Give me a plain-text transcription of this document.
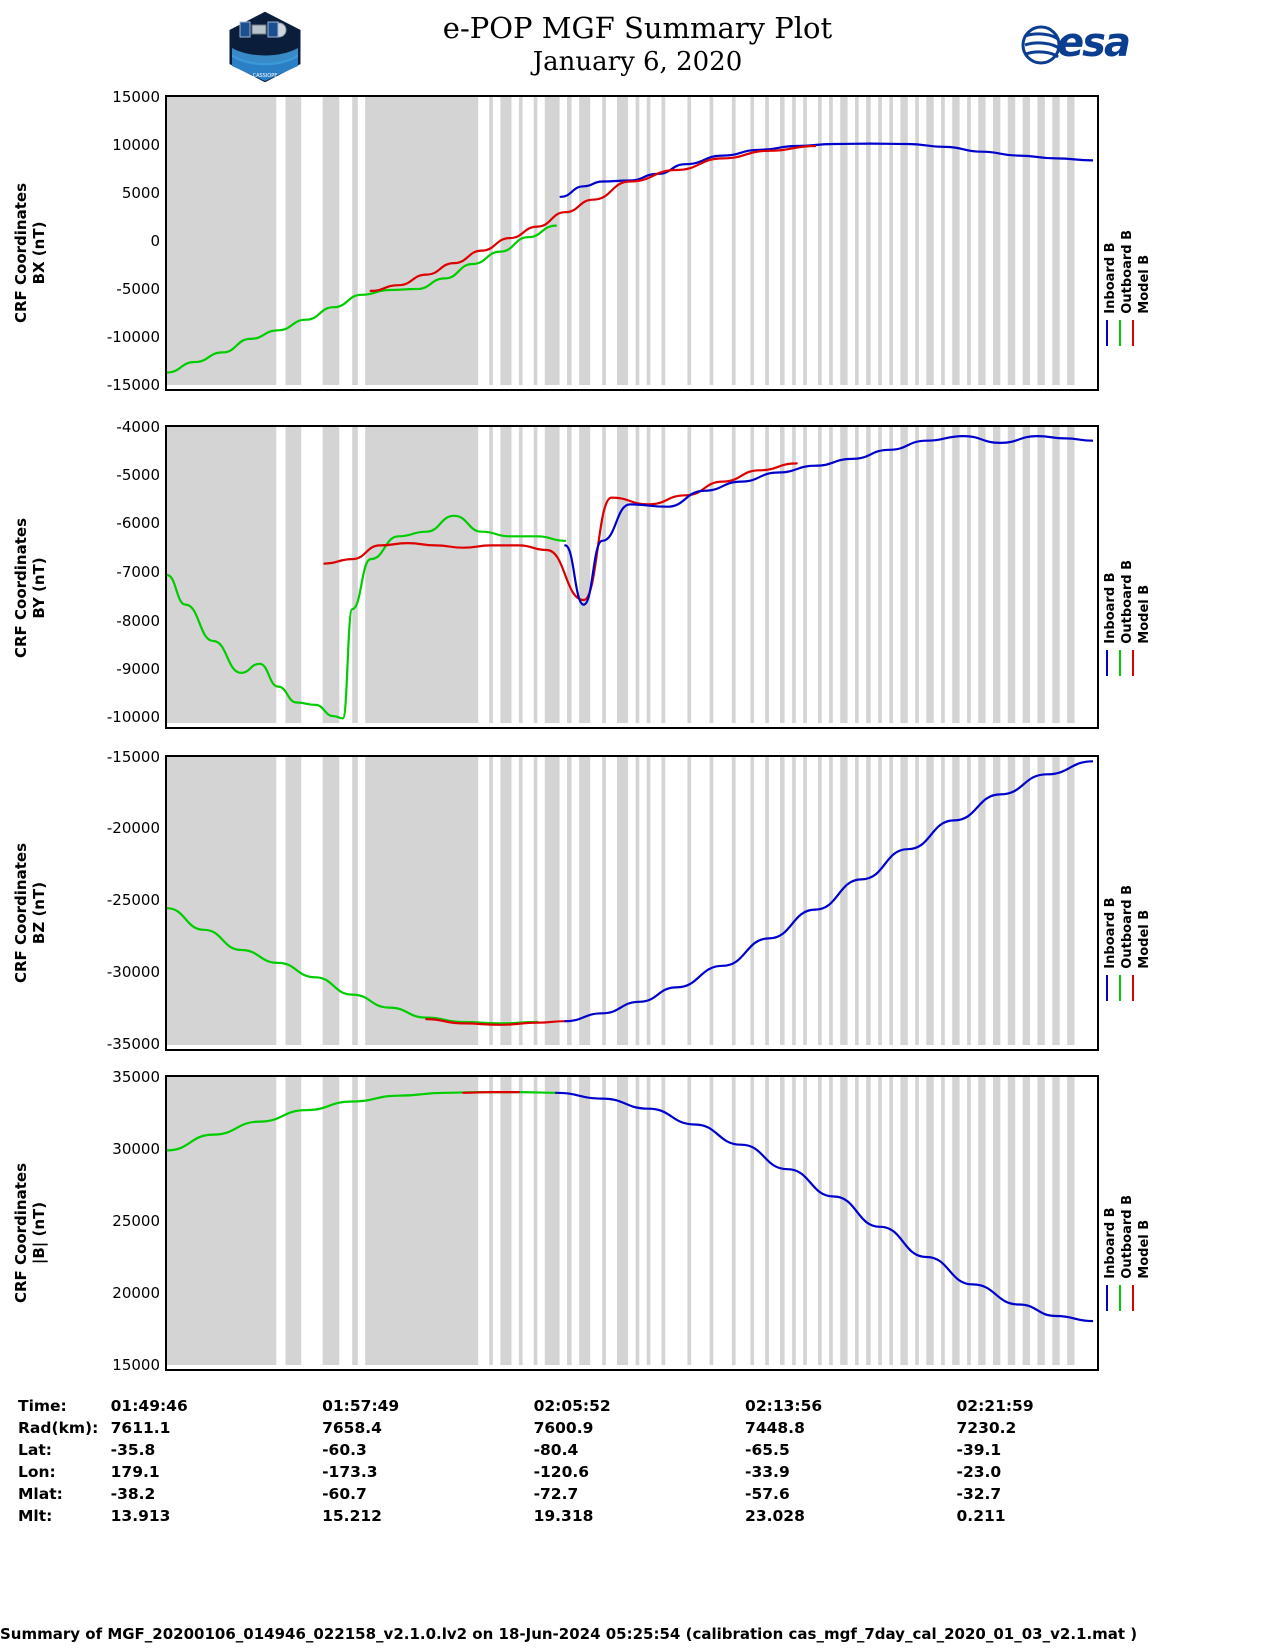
e-POP MGF Summary Plot
January 6, 2020
CASSIOPE
esa
CRF Coordinates
BX (nT)
15000
10000
5000
0
-5000
-10000
-15000
Inboard B Outboard B Model B
CRF Coordinates
BY (nT)
-4000
-5000
-6000
-7000
-8000
-9000
-10000
Inboard B Outboard B Model B
CRF Coordinates
BZ (nT)
-15000
-20000
-25000
-30000
-35000
Inboard B Outboard B Model B
CRF Coordinates
|B| (nT)
35000
30000
25000
20000
15000
Inboard B Outboard B Model B
Time:	01:49:46	01:57:49	02:05:52	02:13:56	02:21:59
Rad(km):	7611.1	7658.4	7600.9	7448.8	7230.2
Lat:	-35.8	-60.3	-80.4	-65.5	-39.1
Lon:	179.1	-173.3	-120.6	-33.9	-23.0
Mlat:	-38.2	-60.7	-72.7	-57.6	-32.7
Mlt:	13.913	15.212	19.318	23.028	0.211
Summary of MGF_20200106_014946_022158_v2.1.0.lv2 on 18-Jun-2024 05:25:54 (calibration cas_mgf_7day_cal_2020_01_03_v2.1.mat )
